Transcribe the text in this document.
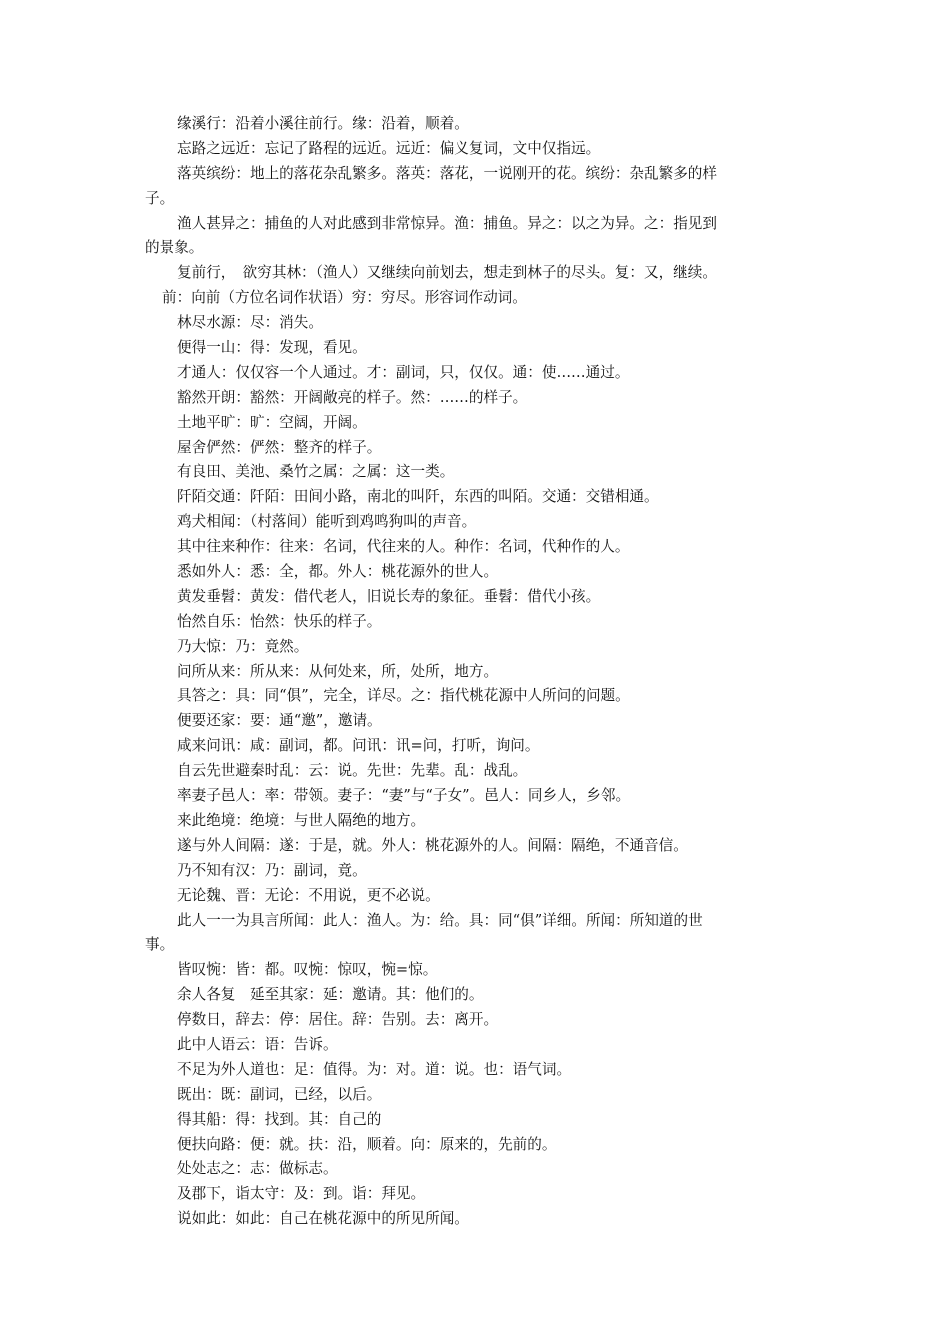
缘溪行：沿着小溪往前行。缘：沿着，顺着。
忘路之远近：忘记了路程的远近。远近：偏义复词，文中仅指远。
落英缤纷：地上的落花杂乱繁多。落英：落花，一说刚开的花。缤纷：杂乱繁多的样
子。
渔人甚异之：捕鱼的人对此感到非常惊异。渔：捕鱼。异之：以之为异。之：指见到
的景象。
复前行，　欲穷其林：（渔人）又继续向前划去，想走到林子的尽头。复：又，继续。
前：向前（方位名词作状语）穷：穷尽。形容词作动词。
林尽水源：尽：消失。
便得一山：得：发现，看见。
才通人：仅仅容一个人通过。才：副词，只，仅仅。通：使……通过。
豁然开朗：豁然：开阔敞亮的样子。然：……的样子。
土地平旷：旷：空阔，开阔。
屋舍俨然：俨然：整齐的样子。
有良田、美池、桑竹之属：之属：这一类。
阡陌交通：阡陌：田间小路，南北的叫阡，东西的叫陌。交通：交错相通。
鸡犬相闻：（村落间）能听到鸡鸣狗叫的声音。
其中往来种作：往来：名词，代往来的人。种作：名词，代种作的人。
悉如外人：悉：全，都。外人：桃花源外的世人。
黄发垂髫：黄发：借代老人，旧说长寿的象征。垂髫：借代小孩。
怡然自乐：怡然：快乐的样子。
乃大惊：乃：竟然。
问所从来：所从来：从何处来，所，处所，地方。
具答之：具：同“俱”，完全，详尽。之：指代桃花源中人所问的问题。
便要还家：要：通“邀”，邀请。
咸来问讯：咸：副词，都。问讯：讯=问，打听，询问。
自云先世避秦时乱：云：说。先世：先辈。乱：战乱。
率妻子邑人：率：带领。妻子：“妻”与“子女”。邑人：同乡人，乡邻。
来此绝境：绝境：与世人隔绝的地方。
遂与外人间隔：遂：于是，就。外人：桃花源外的人。间隔：隔绝，不通音信。
乃不知有汉：乃：副词，竟。
无论魏、晋：无论：不用说，更不必说。
此人一一为具言所闻：此人：渔人。为：给。具：同“俱”详细。所闻：所知道的世
事。
皆叹惋：皆：都。叹惋：惊叹，惋=惊。
余人各复　延至其家：延：邀请。其：他们的。
停数日，辞去：停：居住。辞：告别。去：离开。
此中人语云：语：告诉。
不足为外人道也：足：值得。为：对。道：说。也：语气词。
既出：既：副词，已经，以后。
得其船：得：找到。其：自己的
便扶向路：便：就。扶：沿，顺着。向：原来的，先前的。
处处志之：志：做标志。
及郡下，诣太守：及：到。诣：拜见。
说如此：如此：自己在桃花源中的所见所闻。
